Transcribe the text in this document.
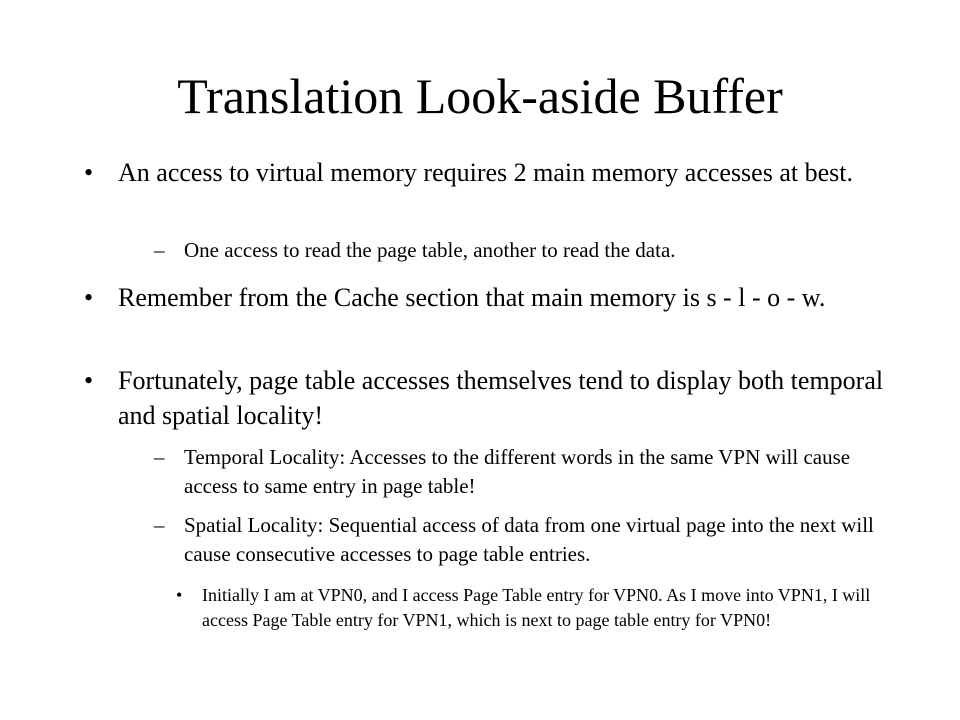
Translation Look-aside Buffer
• An access to virtual memory requires 2 main memory accesses at best.
– One access to read the page table, another to read the data.
• Remember from the Cache section that main memory is s - l - o - w.
• Fortunately, page table accesses themselves tend to display both temporal and spatial locality!
– Temporal Locality: Accesses to the different words in the same VPN will cause access to same entry in page table!
– Spatial Locality: Sequential access of data from one virtual page into the next will cause consecutive accesses to page table entries.
•	Initially I am at VPN0, and I access Page Table entry for VPN0. As I move into VPN1, I will access Page Table entry for VPN1, which is next to page table entry for VPN0!
